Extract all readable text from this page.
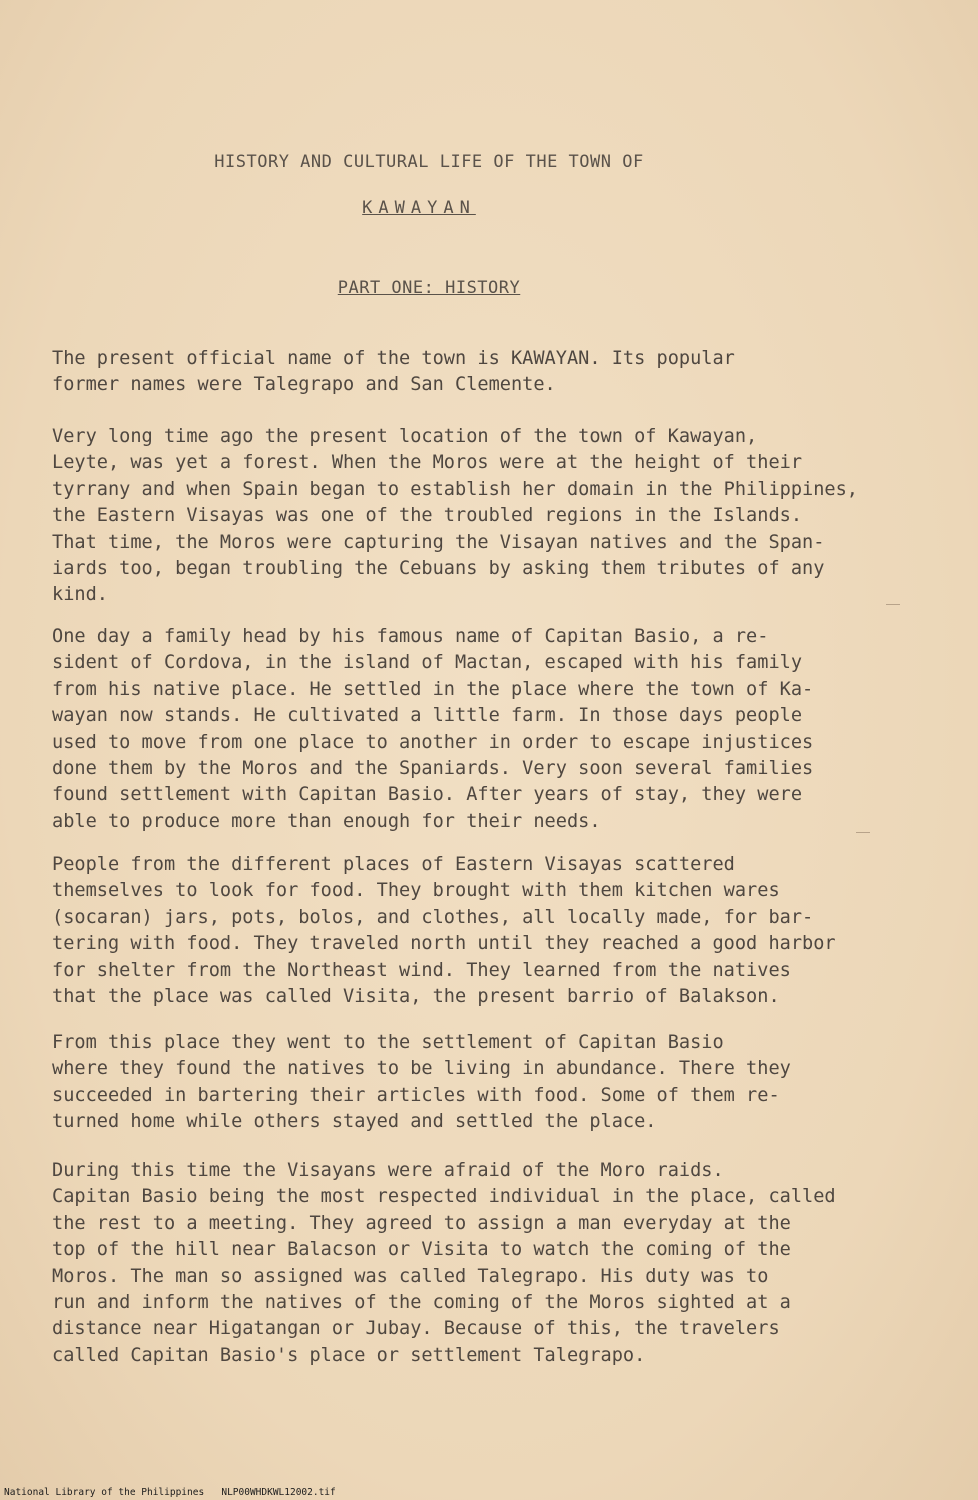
HISTORY AND CULTURAL LIFE OF THE TOWN OF
KAWAYAN
PART ONE: HISTORY
The present official name of the town is KAWAYAN. Its popular
former names were Talegrapo and San Clemente.
Very long time ago the present location of the town of Kawayan,
Leyte, was yet a forest. When the Moros were at the height of their
tyrrany and when Spain began to establish her domain in the Philippines,
the Eastern Visayas was one of the troubled regions in the Islands.
That time, the Moros were capturing the Visayan natives and the Span-
iards too, began troubling the Cebuans by asking them tributes of any
kind.
One day a family head by his famous name of Capitan Basio, a re-
sident of Cordova, in the island of Mactan, escaped with his family
from his native place. He settled in the place where the town of Ka-
wayan now stands. He cultivated a little farm. In those days people
used to move from one place to another in order to escape injustices
done them by the Moros and the Spaniards. Very soon several families
found settlement with Capitan Basio. After years of stay, they were
able to produce more than enough for their needs.
People from the different places of Eastern Visayas scattered
themselves to look for food. They brought with them kitchen wares
(socaran) jars, pots, bolos, and clothes, all locally made, for bar-
tering with food. They traveled north until they reached a good harbor
for shelter from the Northeast wind. They learned from the natives
that the place was called Visita, the present barrio of Balakson.
From this place they went to the settlement of Capitan Basio
where they found the natives to be living in abundance. There they
succeeded in bartering their articles with food. Some of them re-
turned home while others stayed and settled the place.
During this time the Visayans were afraid of the Moro raids.
Capitan Basio being the most respected individual in the place, called
the rest to a meeting. They agreed to assign a man everyday at the
top of the hill near Balacson or Visita to watch the coming of the
Moros. The man so assigned was called Talegrapo. His duty was to
run and inform the natives of the coming of the Moros sighted at a
distance near Higatangan or Jubay. Because of this, the travelers
called Capitan Basio's place or settlement Talegrapo.
National Library of the Philippines NLP00WHDKWL12002.tif
